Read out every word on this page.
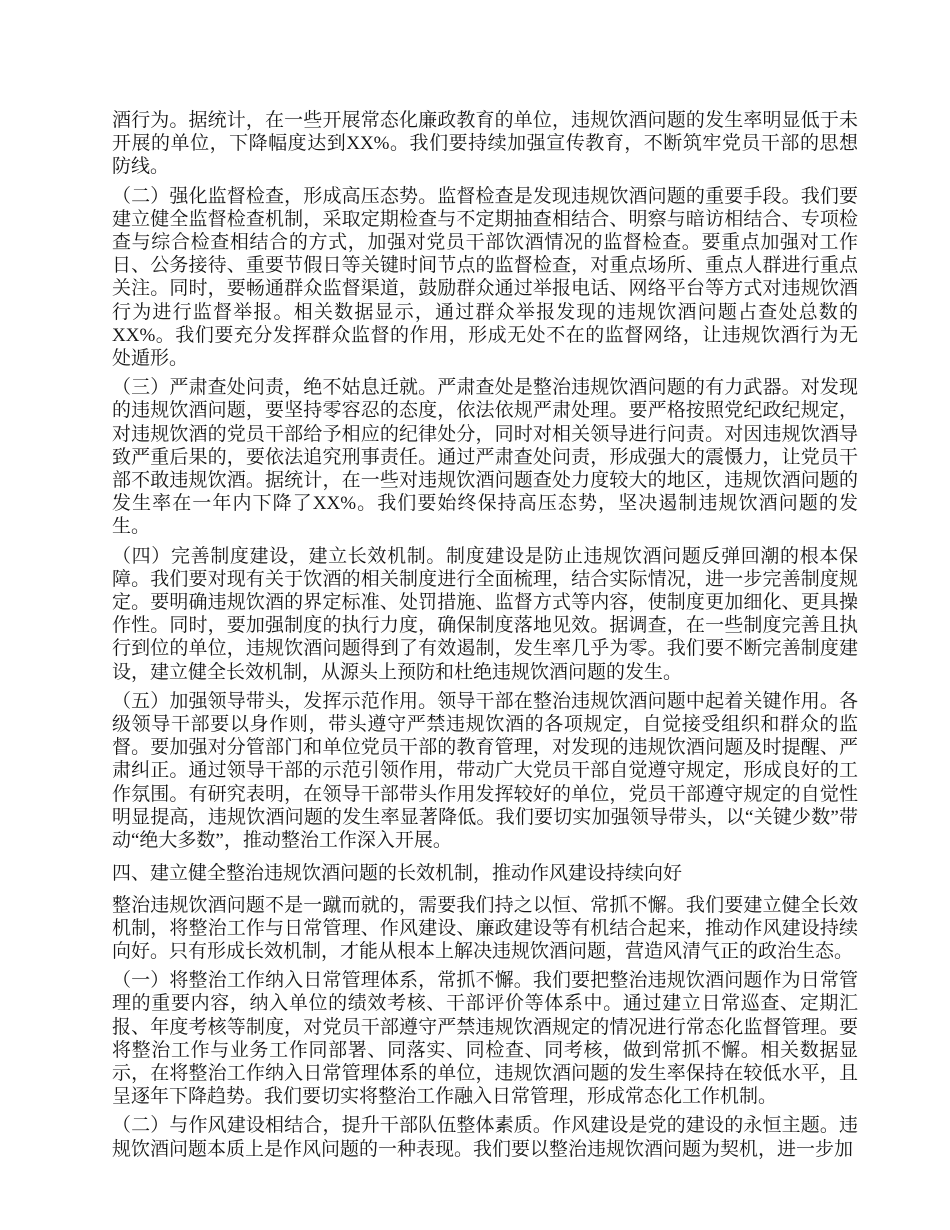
酒行为。据统计，在一些开展常态化廉政教育的单位，违规饮酒问题的发生率明显低于未开展的单位，下降幅度达到XX%。我们要持续加强宣传教育，不断筑牢党员干部的思想防线。

（二）强化监督检查，形成高压态势。监督检查是发现违规饮酒问题的重要手段。我们要建立健全监督检查机制，采取定期检查与不定期抽查相结合、明察与暗访相结合、专项检查与综合检查相结合的方式，加强对党员干部饮酒情况的监督检查。要重点加强对工作日、公务接待、重要节假日等关键时间节点的监督检查，对重点场所、重点人群进行重点关注。同时，要畅通群众监督渠道，鼓励群众通过举报电话、网络平台等方式对违规饮酒行为进行监督举报。相关数据显示，通过群众举报发现的违规饮酒问题占查处总数的XX%。我们要充分发挥群众监督的作用，形成无处不在的监督网络，让违规饮酒行为无处遁形。

（三）严肃查处问责，绝不姑息迁就。严肃查处是整治违规饮酒问题的有力武器。对发现的违规饮酒问题，要坚持零容忍的态度，依法依规严肃处理。要严格按照党纪政纪规定，对违规饮酒的党员干部给予相应的纪律处分，同时对相关领导进行问责。对因违规饮酒导致严重后果的，要依法追究刑事责任。通过严肃查处问责，形成强大的震慑力，让党员干部不敢违规饮酒。据统计，在一些对违规饮酒问题查处力度较大的地区，违规饮酒问题的发生率在一年内下降了XX%。我们要始终保持高压态势，坚决遏制违规饮酒问题的发生。

（四）完善制度建设，建立长效机制。制度建设是防止违规饮酒问题反弹回潮的根本保障。我们要对现有关于饮酒的相关制度进行全面梳理，结合实际情况，进一步完善制度规定。要明确违规饮酒的界定标准、处罚措施、监督方式等内容，使制度更加细化、更具操作性。同时，要加强制度的执行力度，确保制度落地见效。据调查，在一些制度完善且执行到位的单位，违规饮酒问题得到了有效遏制，发生率几乎为零。我们要不断完善制度建设，建立健全长效机制，从源头上预防和杜绝违规饮酒问题的发生。

（五）加强领导带头，发挥示范作用。领导干部在整治违规饮酒问题中起着关键作用。各级领导干部要以身作则，带头遵守严禁违规饮酒的各项规定，自觉接受组织和群众的监督。要加强对分管部门和单位党员干部的教育管理，对发现的违规饮酒问题及时提醒、严肃纠正。通过领导干部的示范引领作用，带动广大党员干部自觉遵守规定，形成良好的工作氛围。有研究表明，在领导干部带头作用发挥较好的单位，党员干部遵守规定的自觉性明显提高，违规饮酒问题的发生率显著降低。我们要切实加强领导带头，以“关键少数”带动“绝大多数”，推动整治工作深入开展。

四、建立健全整治违规饮酒问题的长效机制，推动作风建设持续向好

整治违规饮酒问题不是一蹴而就的，需要我们持之以恒、常抓不懈。我们要建立健全长效机制，将整治工作与日常管理、作风建设、廉政建设等有机结合起来，推动作风建设持续向好。只有形成长效机制，才能从根本上解决违规饮酒问题，营造风清气正的政治生态。

（一）将整治工作纳入日常管理体系，常抓不懈。我们要把整治违规饮酒问题作为日常管理的重要内容，纳入单位的绩效考核、干部评价等体系中。通过建立日常巡查、定期汇报、年度考核等制度，对党员干部遵守严禁违规饮酒规定的情况进行常态化监督管理。要将整治工作与业务工作同部署、同落实、同检查、同考核，做到常抓不懈。相关数据显示，在将整治工作纳入日常管理体系的单位，违规饮酒问题的发生率保持在较低水平，且呈逐年下降趋势。我们要切实将整治工作融入日常管理，形成常态化工作机制。

（二）与作风建设相结合，提升干部队伍整体素质。作风建设是党的建设的永恒主题。违规饮酒问题本质上是作风问题的一种表现。我们要以整治违规饮酒问题为契机，进一步加
